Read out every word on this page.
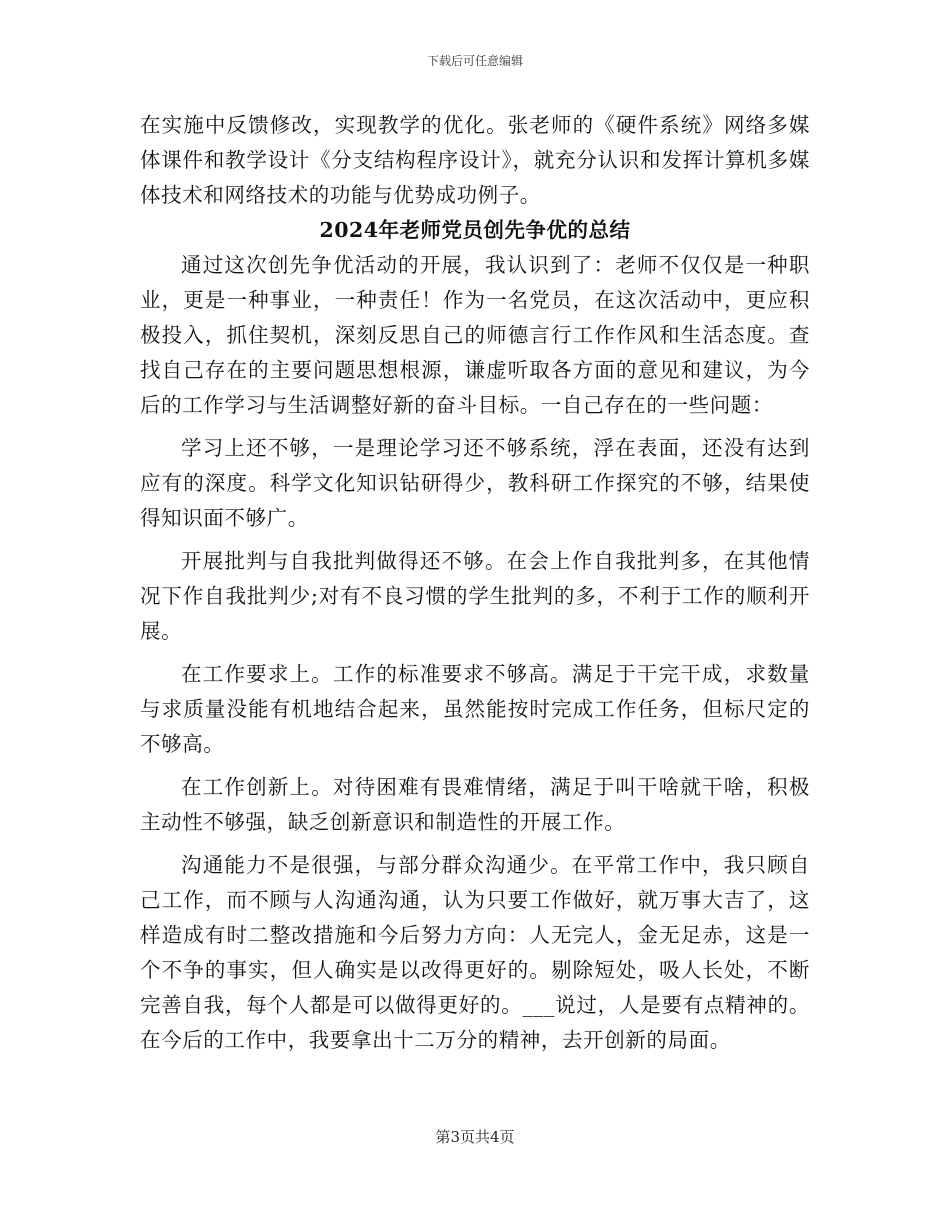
下载后可任意编辑

在实施中反馈修改，实现教学的优化。张老师的《硬件系统》网络多媒体课件和教学设计《分支结构程序设计》，就充分认识和发挥计算机多媒体技术和网络技术的功能与优势成功例子。

2024年老师党员创先争优的总结

通过这次创先争优活动的开展，我认识到了：老师不仅仅是一种职业，更是一种事业，一种责任！作为一名党员，在这次活动中，更应积极投入，抓住契机，深刻反思自己的师德言行工作作风和生活态度。查找自己存在的主要问题思想根源，谦虚听取各方面的意见和建议，为今后的工作学习与生活调整好新的奋斗目标。一自己存在的一些问题：

学习上还不够，一是理论学习还不够系统，浮在表面，还没有达到应有的深度。科学文化知识钻研得少，教科研工作探究的不够，结果使得知识面不够广。

开展批判与自我批判做得还不够。在会上作自我批判多，在其他情况下作自我批判少;对有不良习惯的学生批判的多，不利于工作的顺利开展。

在工作要求上。工作的标准要求不够高。满足于干完干成，求数量与求质量没能有机地结合起来，虽然能按时完成工作任务，但标尺定的不够高。

在工作创新上。对待困难有畏难情绪，满足于叫干啥就干啥，积极主动性不够强，缺乏创新意识和制造性的开展工作。

沟通能力不是很强，与部分群众沟通少。在平常工作中，我只顾自己工作，而不顾与人沟通沟通，认为只要工作做好，就万事大吉了，这样造成有时二整改措施和今后努力方向：人无完人，金无足赤，这是一个不争的事实，但人确实是以改得更好的。剔除短处，吸人长处，不断完善自我，每个人都是可以做得更好的。___说过，人是要有点精神的。在今后的工作中，我要拿出十二万分的精神，去开创新的局面。

第3页共4页
